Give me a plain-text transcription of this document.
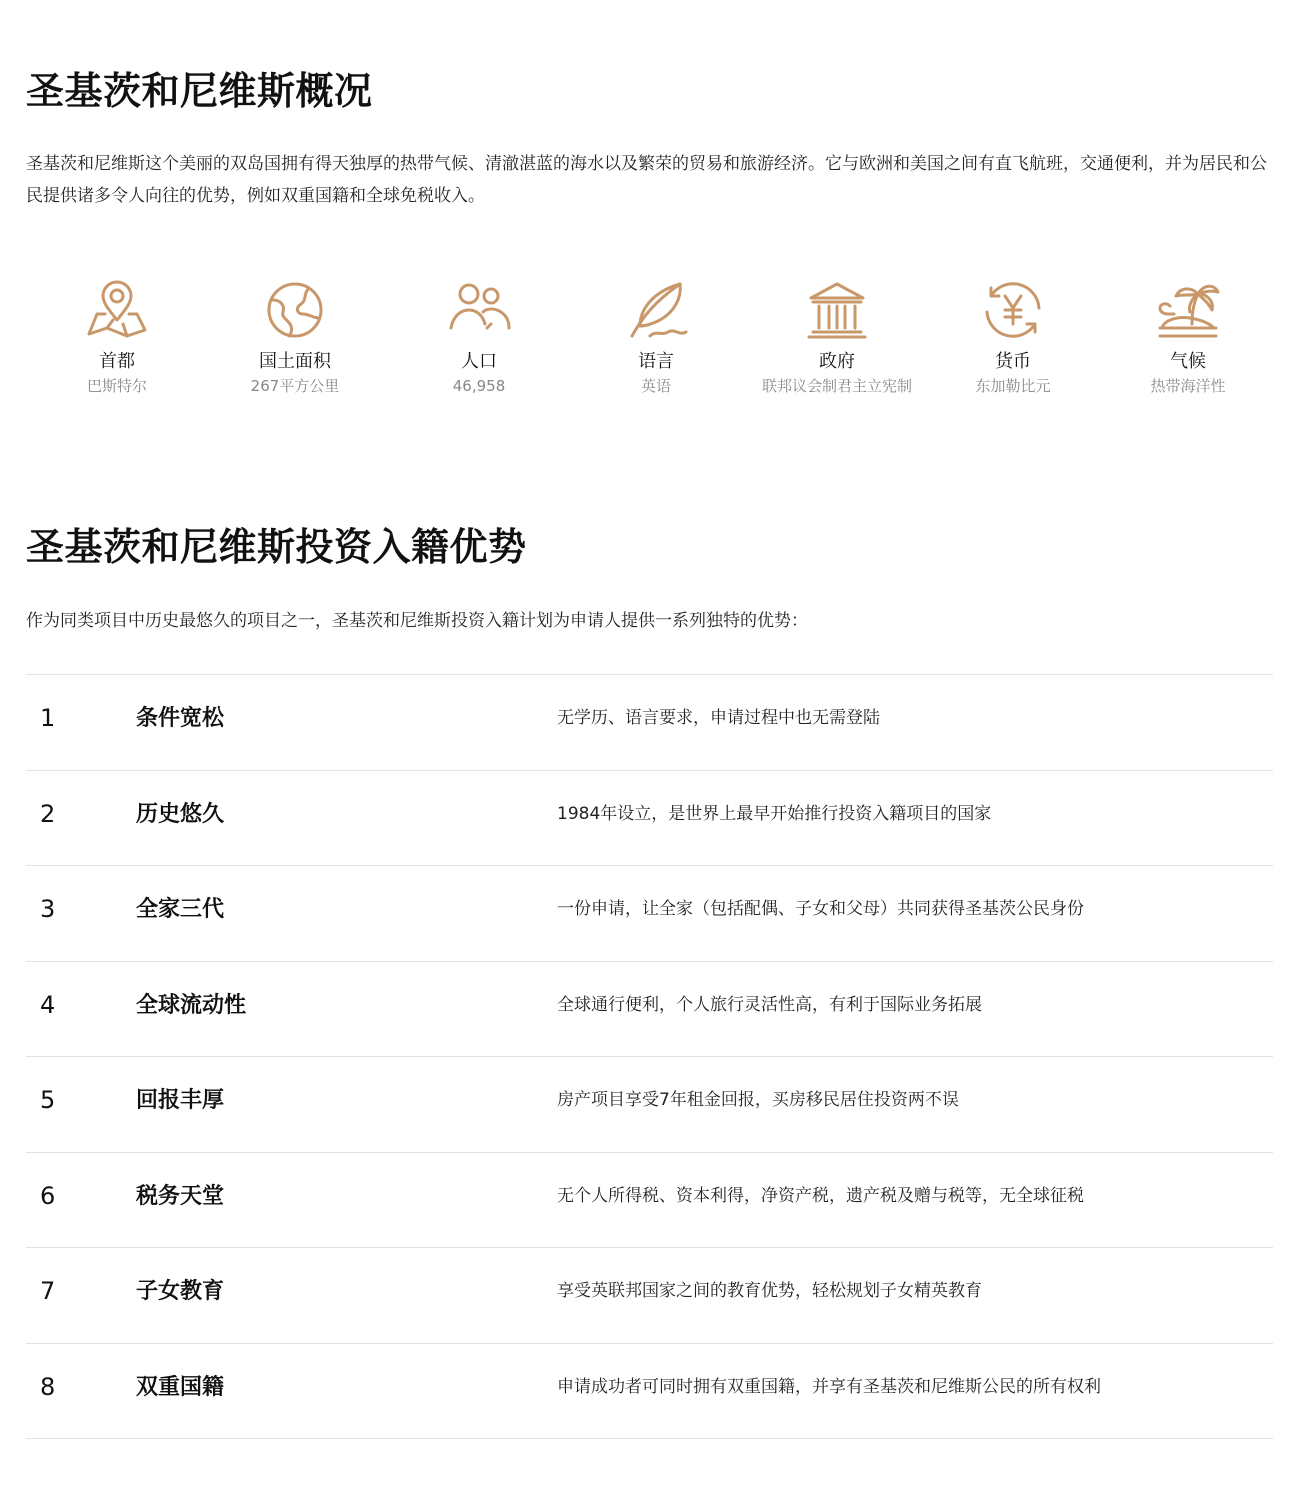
圣基茨和尼维斯概况
圣基茨和尼维斯这个美丽的双岛国拥有得天独厚的热带气候、清澈湛蓝的海水以及繁荣的贸易和旅游经济。它与欧洲和美国之间有直飞航班，交通便利，并为居民和公民提供诸多令人向往的优势，例如双重国籍和全球免税收入。
首都
巴斯特尔
国土面积
267平方公里
人口
46,958
语言
英语
政府
联邦议会制君主立宪制
货币
东加勒比元
气候
热带海洋性
圣基茨和尼维斯投资入籍优势
作为同类项目中历史最悠久的项目之一，圣基茨和尼维斯投资入籍计划为申请人提供一系列独特的优势：
1	条件宽松	无学历、语言要求，申请过程中也无需登陆
2	历史悠久	1984年设立，是世界上最早开始推行投资入籍项目的国家
3	全家三代	一份申请，让全家（包括配偶、子女和父母）共同获得圣基茨公民身份
4	全球流动性	全球通行便利，个人旅行灵活性高，有利于国际业务拓展
5	回报丰厚	房产项目享受7年租金回报，买房移民居住投资两不误
6	税务天堂	无个人所得税、资本利得，净资产税，遗产税及赠与税等，无全球征税
7	子女教育	享受英联邦国家之间的教育优势，轻松规划子女精英教育
8	双重国籍	申请成功者可同时拥有双重国籍，并享有圣基茨和尼维斯公民的所有权利
